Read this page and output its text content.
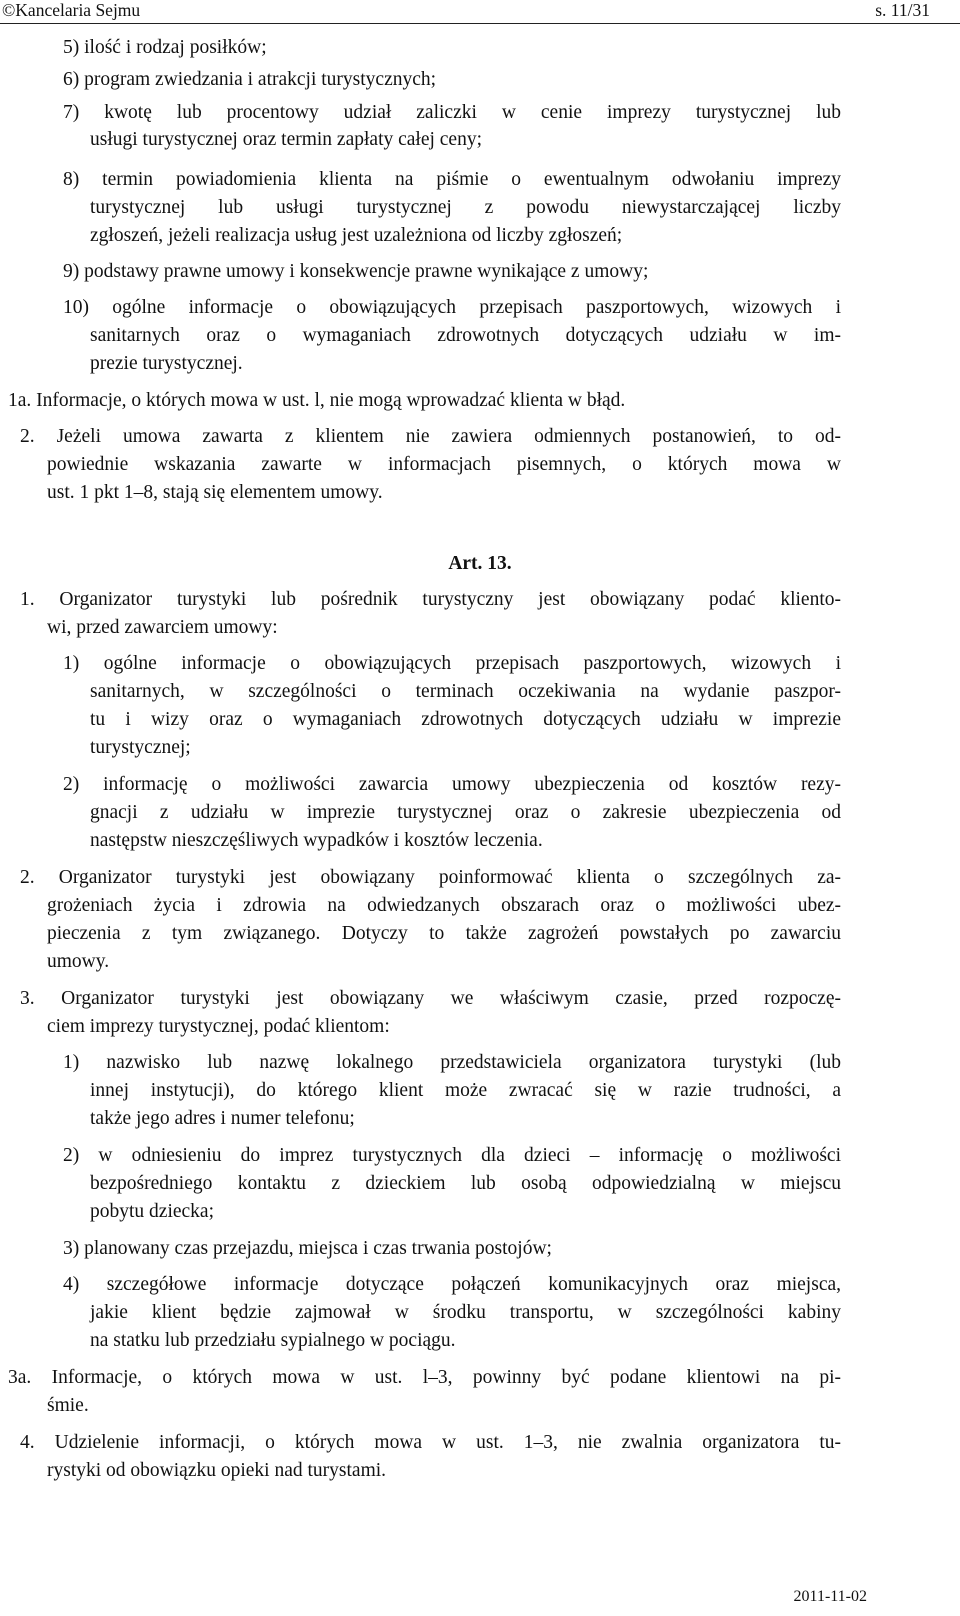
©Kancelaria Sejmu	s. 11/31
5) ilość i rodzaj posiłków;
6) program zwiedzania i atrakcji turystycznych;
7) kwotę lub procentowy udział zaliczki w cenie imprezy turystycznej lub
usługi turystycznej oraz termin zapłaty całej ceny;
8) termin powiadomienia klienta na piśmie o ewentualnym odwołaniu imprezy
turystycznej lub usługi turystycznej z powodu niewystarczającej liczby
zgłoszeń, jeżeli realizacja usług jest uzależniona od liczby zgłoszeń;
9) podstawy prawne umowy i konsekwencje prawne wynikające z umowy;
10) ogólne informacje o obowiązujących przepisach paszportowych, wizowych i
sanitarnych oraz o wymaganiach zdrowotnych dotyczących udziału w im-
prezie turystycznej.
1a. Informacje, o których mowa w ust. l, nie mogą wprowadzać klienta w błąd.
2. Jeżeli umowa zawarta z klientem nie zawiera odmiennych postanowień, to od-
powiednie wskazania zawarte w informacjach pisemnych, o których mowa w
ust. 1 pkt 1–8, stają się elementem umowy.
Art. 13.
1. Organizator turystyki lub pośrednik turystyczny jest obowiązany podać kliento-
wi, przed zawarciem umowy:
1) ogólne informacje o obowiązujących przepisach paszportowych, wizowych i
sanitarnych, w szczególności o terminach oczekiwania na wydanie paszpor-
tu i wizy oraz o wymaganiach zdrowotnych dotyczących udziału w imprezie
turystycznej;
2) informację o możliwości zawarcia umowy ubezpieczenia od kosztów rezy-
gnacji z udziału w imprezie turystycznej oraz o zakresie ubezpieczenia od
następstw nieszczęśliwych wypadków i kosztów leczenia.
2. Organizator turystyki jest obowiązany poinformować klienta o szczególnych za-
grożeniach życia i zdrowia na odwiedzanych obszarach oraz o możliwości ubez-
pieczenia z tym związanego. Dotyczy to także zagrożeń powstałych po zawarciu
umowy.
3. Organizator turystyki jest obowiązany we właściwym czasie, przed rozpoczę-
ciem imprezy turystycznej, podać klientom:
1) nazwisko lub nazwę lokalnego przedstawiciela organizatora turystyki (lub
innej instytucji), do którego klient może zwracać się w razie trudności, a
także jego adres i numer telefonu;
2) w odniesieniu do imprez turystycznych dla dzieci – informację o możliwości
bezpośredniego kontaktu z dzieckiem lub osobą odpowiedzialną w miejscu
pobytu dziecka;
3) planowany czas przejazdu, miejsca i czas trwania postojów;
4) szczegółowe informacje dotyczące połączeń komunikacyjnych oraz miejsca,
jakie klient będzie zajmował w środku transportu, w szczególności kabiny
na statku lub przedziału sypialnego w pociągu.
3a. Informacje, o których mowa w ust. l–3, powinny być podane klientowi na pi-
śmie.
4. Udzielenie informacji, o których mowa w ust. 1–3, nie zwalnia organizatora tu-
rystyki od obowiązku opieki nad turystami.
2011-11-02
